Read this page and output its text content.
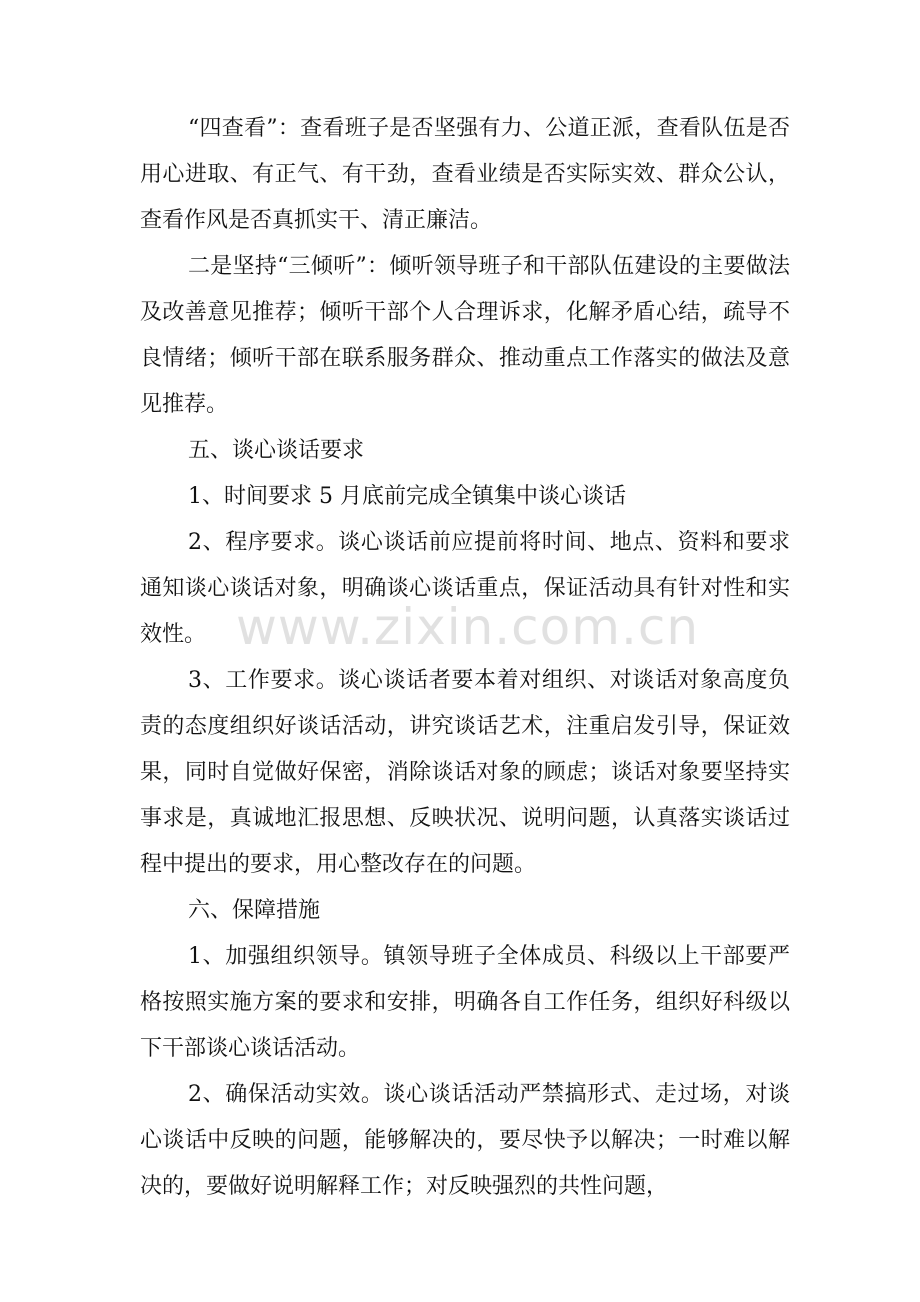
“四查看”：查看班子是否坚强有力、公道正派，查看队伍是否用心进取、有正气、有干劲，查看业绩是否实际实效、群众公认，查看作风是否真抓实干、清正廉洁。

二是坚持“三倾听”：倾听领导班子和干部队伍建设的主要做法及改善意见推荐；倾听干部个人合理诉求，化解矛盾心结，疏导不良情绪；倾听干部在联系服务群众、推动重点工作落实的做法及意见推荐。

五、谈心谈话要求

1、时间要求 5 月底前完成全镇集中谈心谈话

2、程序要求。谈心谈话前应提前将时间、地点、资料和要求通知谈心谈话对象，明确谈心谈话重点，保证活动具有针对性和实效性。

3、工作要求。谈心谈话者要本着对组织、对谈话对象高度负责的态度组织好谈话活动，讲究谈话艺术，注重启发引导，保证效果，同时自觉做好保密，消除谈话对象的顾虑；谈话对象要坚持实事求是，真诚地汇报思想、反映状况、说明问题，认真落实谈话过程中提出的要求，用心整改存在的问题。

六、保障措施

1、加强组织领导。镇领导班子全体成员、科级以上干部要严格按照实施方案的要求和安排，明确各自工作任务，组织好科级以下干部谈心谈话活动。

2、确保活动实效。谈心谈话活动严禁搞形式、走过场，对谈心谈话中反映的问题，能够解决的，要尽快予以解决；一时难以解决的，要做好说明解释工作；对反映强烈的共性问题，

www.zixin.com.cn
